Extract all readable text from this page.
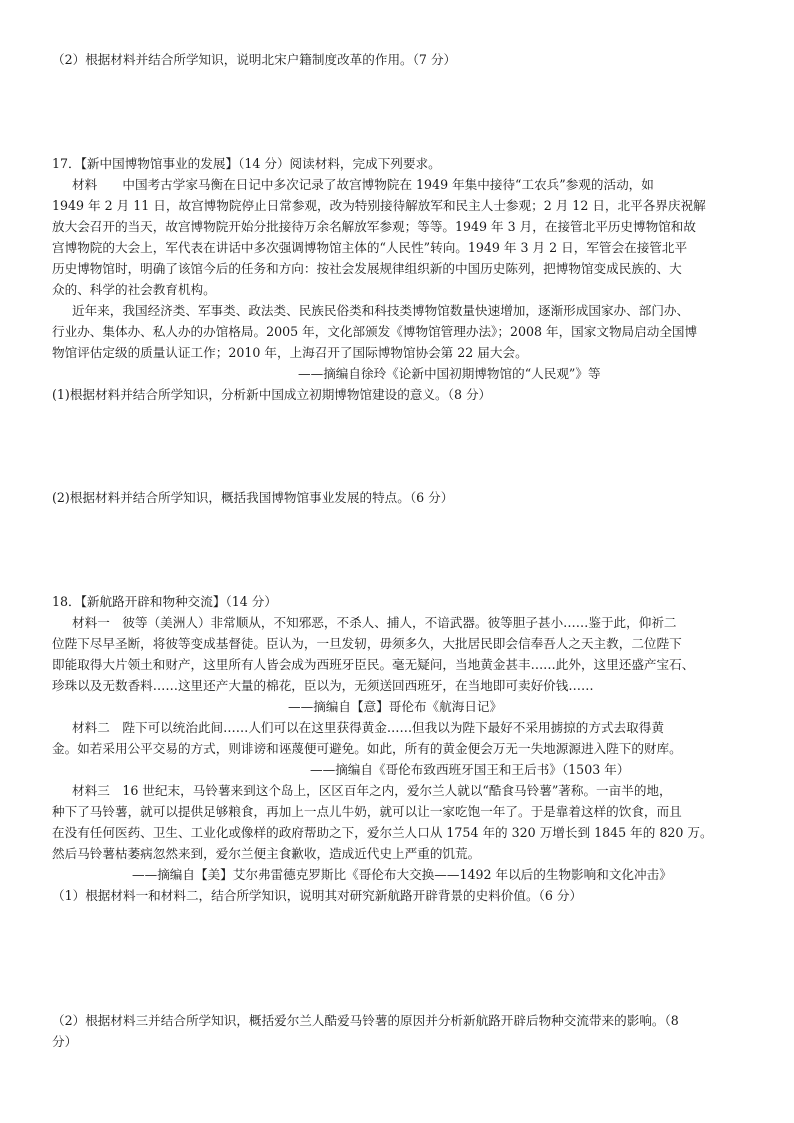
（2）根据材料并结合所学知识，说明北宋户籍制度改革的作用。（7 分）
17．【新中国博物馆事业的发展】（14 分）阅读材料，完成下列要求。
材料　　中国考古学家马衡在日记中多次记录了故宫博物院在 1949 年集中接待“工农兵”参观的活动，如
1949 年 2 月 11 日，故宫博物院停止日常参观，改为特别接待解放军和民主人士参观；2 月 12 日，北平各界庆祝解
放大会召开的当天，故宫博物院开始分批接待万余名解放军参观；等等。1949 年 3 月，在接管北平历史博物馆和故
宫博物院的大会上，军代表在讲话中多次强调博物馆主体的“人民性”转向。1949 年 3 月 2 日，军管会在接管北平
历史博物馆时，明确了该馆今后的任务和方向：按社会发展规律组织新的中国历史陈列，把博物馆变成民族的、大
众的、科学的社会教育机构。
近年来，我国经济类、军事类、政法类、民族民俗类和科技类博物馆数量快速增加，逐渐形成国家办、部门办、
行业办、集体办、私人办的办馆格局。2005 年，文化部颁发《博物馆管理办法》；2008 年，国家文物局启动全国博
物馆评估定级的质量认证工作；2010 年，上海召开了国际博物馆协会第 22 届大会。
——摘编自徐玲《论新中国初期博物馆的“人民观”》等
(1)根据材料并结合所学知识，分析新中国成立初期博物馆建设的意义。（8 分）
(2)根据材料并结合所学知识，概括我国博物馆事业发展的特点。（6 分）
18．【新航路开辟和物种交流】（14 分）
材料一　彼等（美洲人）非常顺从，不知邪恶，不杀人、捕人，不谙武器。彼等胆子甚小……鉴于此，仰祈二
位陛下尽早圣断，将彼等变成基督徒。臣认为，一旦发轫，毋须多久，大批居民即会信奉吾人之天主教，二位陛下
即能取得大片领土和财产，这里所有人皆会成为西班牙臣民。毫无疑问，当地黄金甚丰……此外，这里还盛产宝石、
珍珠以及无数香料……这里还产大量的棉花，臣以为，无须送回西班牙，在当地即可卖好价钱……
——摘编自【意】哥伦布《航海日记》
材料二　陛下可以统治此间……人们可以在这里获得黄金……但我以为陛下最好不采用掳掠的方式去取得黄
金。如若采用公平交易的方式，则诽谤和诬蔑便可避免。如此，所有的黄金便会万无一失地源源进入陛下的财库。
——摘编自《哥伦布致西班牙国王和王后书》（1503 年）
材料三　16 世纪末，马铃薯来到这个岛上，区区百年之内，爱尔兰人就以“酷食马铃薯”著称。一亩半的地，
种下了马铃薯，就可以提供足够粮食，再加上一点儿牛奶，就可以让一家吃饱一年了。于是靠着这样的饮食，而且
在没有任何医药、卫生、工业化或像样的政府帮助之下，爱尔兰人口从 1754 年的 320 万增长到 1845 年的 820 万。
然后马铃薯枯萎病忽然来到，爱尔兰便主食歉收，造成近代史上严重的饥荒。
——摘编自【美】艾尔弗雷德克罗斯比《哥伦布大交换——1492 年以后的生物影响和文化冲击》
（1）根据材料一和材料二，结合所学知识，说明其对研究新航路开辟背景的史料价值。（6 分）
（2）根据材料三并结合所学知识，概括爱尔兰人酷爱马铃薯的原因并分析新航路开辟后物种交流带来的影响。（8
分）
